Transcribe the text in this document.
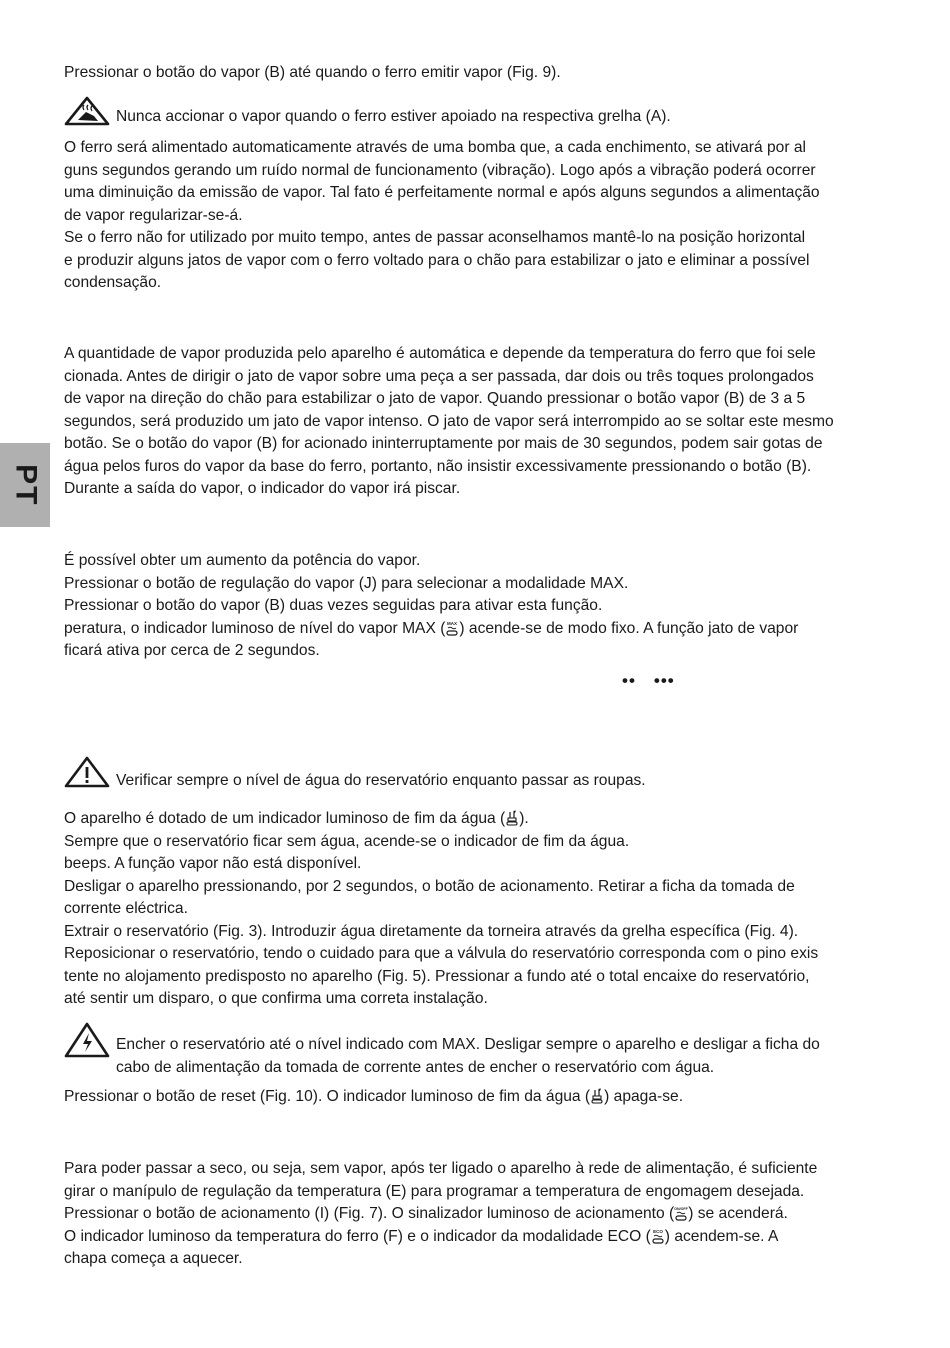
PT

Pressionar o botão do vapor (B) até quando o ferro emitir vapor (Fig. 9).

Nunca accionar o vapor quando o ferro estiver apoiado na respectiva grelha (A).
O ferro será alimentado automaticamente através de uma bomba que, a cada enchimento, se ativará por al
guns segundos gerando um ruído normal de funcionamento (vibração). Logo após a vibração poderá ocorrer
uma diminuição da emissão de vapor. Tal fato é perfeitamente normal e após alguns segundos a alimentação
de vapor regularizar-se-á.
Se o ferro não for utilizado por muito tempo, antes de passar aconselhamos mantê-lo na posição horizontal
e produzir alguns jatos de vapor com o ferro voltado para o chão para estabilizar o jato e eliminar a possível
condensação.
A quantidade de vapor produzida pelo aparelho é automática e depende da temperatura do ferro que foi sele
cionada. Antes de dirigir o jato de vapor sobre uma peça a ser passada, dar dois ou três toques prolongados
de vapor na direção do chão para estabilizar o jato de vapor. Quando pressionar o botão vapor (B) de 3 a 5
segundos, será produzido um jato de vapor intenso. O jato de vapor será interrompido ao se soltar este mesmo
botão. Se o botão do vapor (B) for acionado ininterruptamente por mais de 30 segundos, podem sair gotas de
água pelos furos do vapor da base do ferro, portanto, não insistir excessivamente pressionando o botão (B).
Durante a saída do vapor, o indicador do vapor irá piscar.
É possível obter um aumento da potência do vapor.
Pressionar o botão de regulação do vapor (J) para selecionar a modalidade MAX.
Pressionar o botão do vapor (B) duas vezes seguidas para ativar esta função.
peratura, o indicador luminoso de nível do vapor MAX ( MAX ) acende-se de modo fixo. A função jato de vapor
ficará ativa por cerca de 2 segundos.
•• •••
Verificar sempre o nível de água do reservatório enquanto passar as roupas.
O aparelho é dotado de um indicador luminoso de fim da água ( ).
Sempre que o reservatório ficar sem água, acende-se o indicador de fim da água.
beeps. A função vapor não está disponível.
Desligar o aparelho pressionando, por 2 segundos, o botão de acionamento. Retirar a ficha da tomada de
corrente eléctrica.
Extrair o reservatório (Fig. 3). Introduzir água diretamente da torneira através da grelha específica (Fig. 4).
Reposicionar o reservatório, tendo o cuidado para que a válvula do reservatório corresponda com o pino exis
tente no alojamento predisposto no aparelho (Fig. 5). Pressionar a fundo até o total encaixe do reservatório,
até sentir um disparo, o que confirma uma correta instalação.
Encher o reservatório até o nível indicado com MAX. Desligar sempre o aparelho e desligar a ficha do
cabo de alimentação da tomada de corrente antes de encher o reservatório com água.
Pressionar o botão de reset (Fig. 10). O indicador luminoso de fim da água ( ) apaga-se.
Para poder passar a seco, ou seja, sem vapor, após ter ligado o aparelho à rede de alimentação, é suficiente
girar o manípulo de regulação da temperatura (E) para programar a temperatura de engomagem desejada.
Pressionar o botão de acionamento (I) (Fig. 7). O sinalizador luminoso de acionamento ( ON/OFF ) se acenderá.
O indicador luminoso da temperatura do ferro (F) e o indicador da modalidade ECO ( ECO ) acendem-se. A
chapa começa a aquecer.
